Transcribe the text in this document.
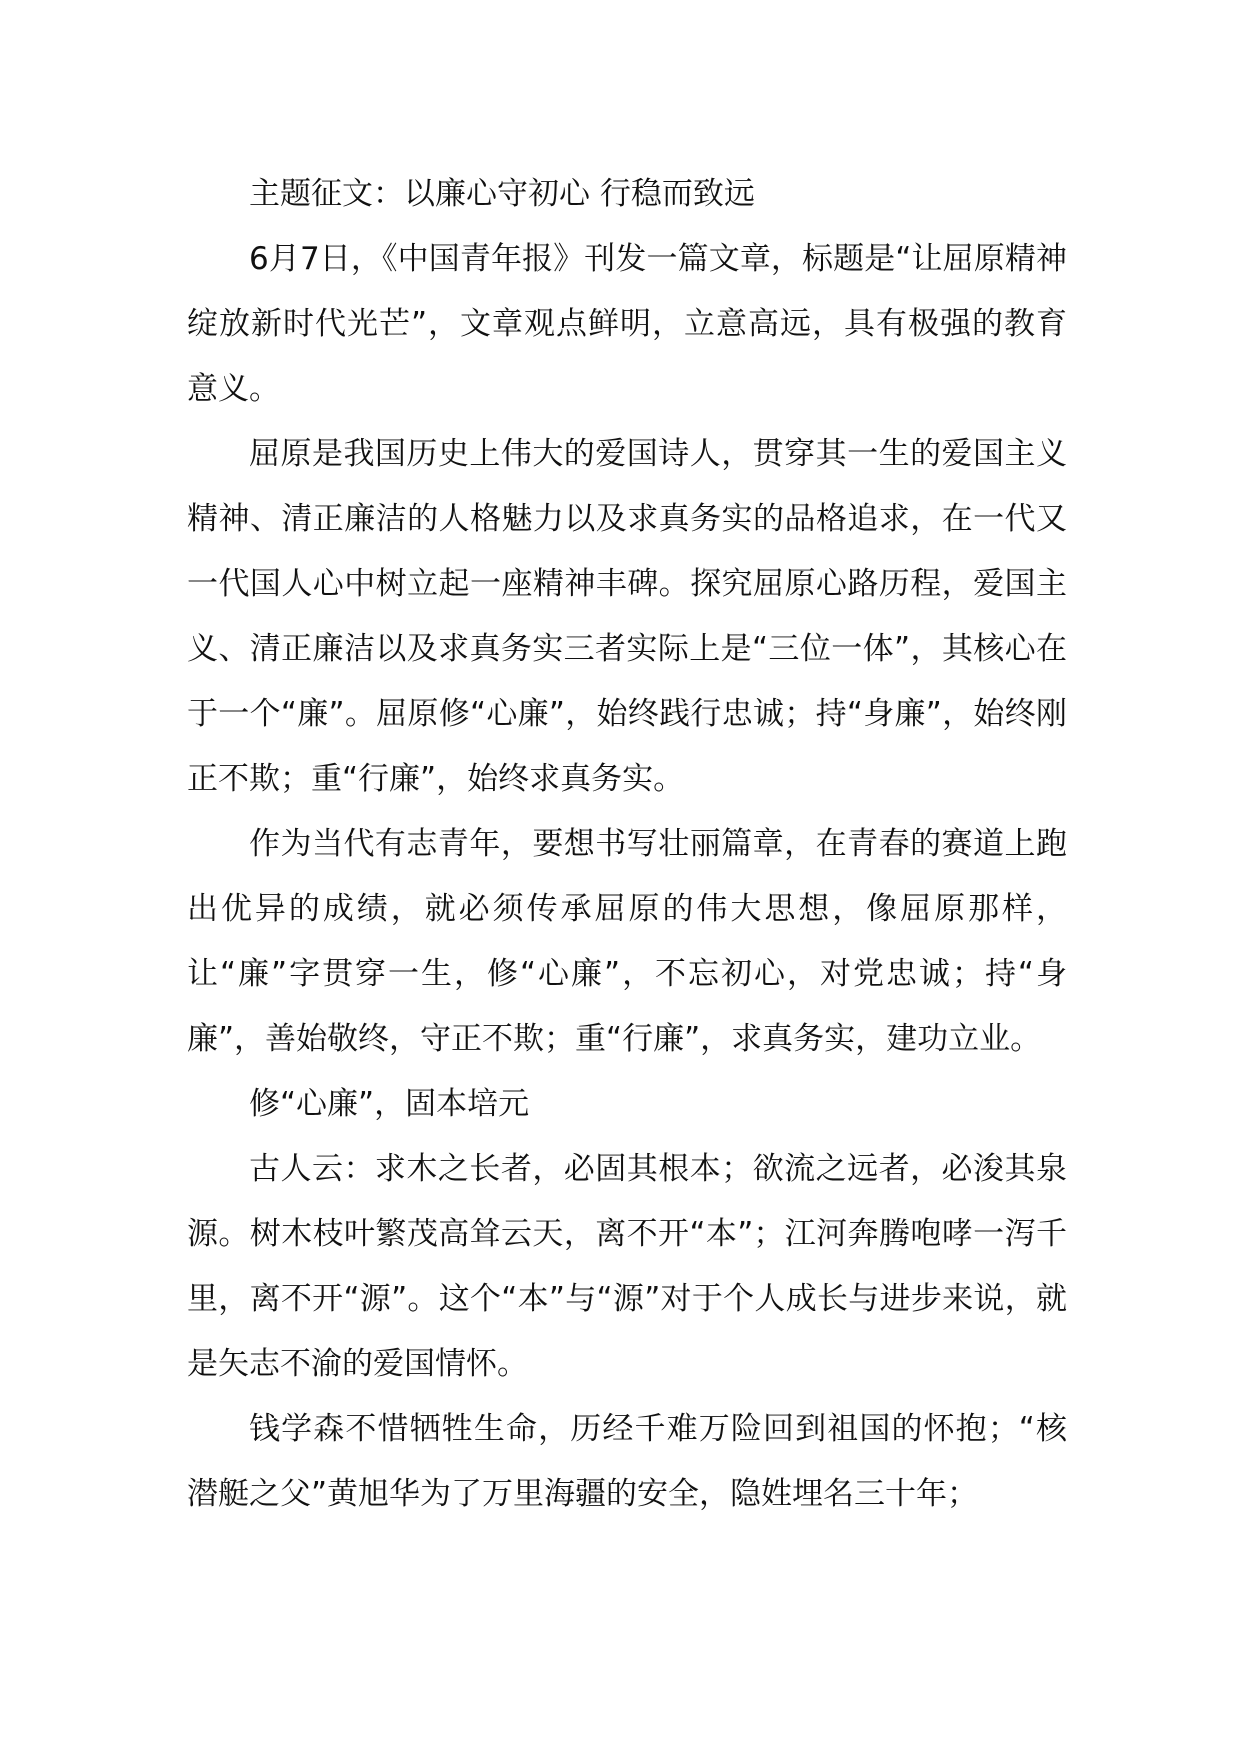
主题征文：以廉心守初心 行稳而致远

6月7日，《中国青年报》刊发一篇文章，标题是“让屈原精神绽放新时代光芒”，文章观点鲜明，立意高远，具有极强的教育意义。

屈原是我国历史上伟大的爱国诗人，贯穿其一生的爱国主义精神、清正廉洁的人格魅力以及求真务实的品格追求，在一代又一代国人心中树立起一座精神丰碑。探究屈原心路历程，爱国主义、清正廉洁以及求真务实三者实际上是“三位一体”，其核心在于一个“廉”。屈原修“心廉”，始终践行忠诚；持“身廉”，始终刚正不欺；重“行廉”，始终求真务实。

作为当代有志青年，要想书写壮丽篇章，在青春的赛道上跑出优异的成绩，就必须传承屈原的伟大思想，像屈原那样，让“廉”字贯穿一生，修“心廉”，不忘初心，对党忠诚；持“身廉”，善始敬终，守正不欺；重“行廉”，求真务实，建功立业。

修“心廉”，固本培元

古人云：求木之长者，必固其根本；欲流之远者，必浚其泉源。树木枝叶繁茂高耸云天，离不开“本”；江河奔腾咆哮一泻千里，离不开“源”。这个“本”与“源”对于个人成长与进步来说，就是矢志不渝的爱国情怀。

钱学森不惜牺牲生命，历经千难万险回到祖国的怀抱；“核潜艇之父”黄旭华为了万里海疆的安全，隐姓埋名三十年；
